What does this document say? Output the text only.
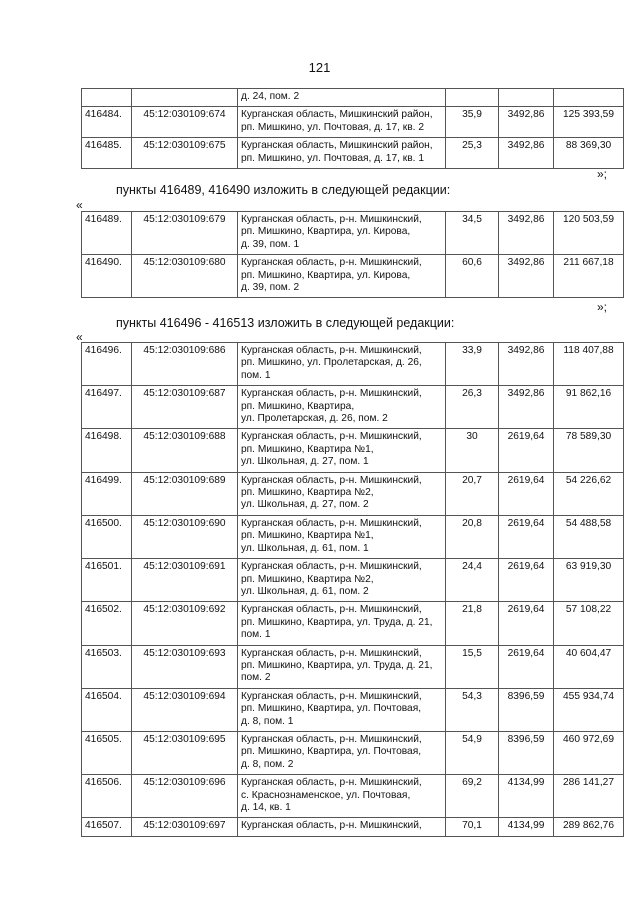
121

		д. 24, пом. 2			

416484.	45:12:030109:674	Курганская область, Мишкинский район,
рп. Мишкино, ул. Почтовая, д. 17, кв. 2	35,9	3492,86	125 393,59
416485.	45:12:030109:675	Курганская область, Мишкинский район,
рп. Мишкино, ул. Почтовая, д. 17, кв. 1	25,3	3492,86	88 369,30
»;
пункты 416489, 416490 изложить в следующей редакции:
«
416489.	45:12:030109:679	Курганская область, р-н. Мишкинский,
рп. Мишкино, Квартира, ул. Кирова,
д. 39, пом. 1	34,5	3492,86	120 503,59
416490.	45:12:030109:680	Курганская область, р-н. Мишкинский,
рп. Мишкино, Квартира, ул. Кирова,
д. 39, пом. 2	60,6	3492,86	211 667,18
»;
пункты 416496 - 416513 изложить в следующей редакции:
«
416496.	45:12:030109:686	Курганская область, р-н. Мишкинский,
рп. Мишкино, ул. Пролетарская, д. 26,
пом. 1	33,9	3492,86	118 407,88
416497.	45:12:030109:687	Курганская область, р-н. Мишкинский,
рп. Мишкино, Квартира,
ул. Пролетарская, д. 26, пом. 2	26,3	3492,86	91 862,16
416498.	45:12:030109:688	Курганская область, р-н. Мишкинский,
рп. Мишкино, Квартира №1,
ул. Школьная, д. 27, пом. 1	30	2619,64	78 589,30
416499.	45:12:030109:689	Курганская область, р-н. Мишкинский,
рп. Мишкино, Квартира №2,
ул. Школьная, д. 27, пом. 2	20,7	2619,64	54 226,62
416500.	45:12:030109:690	Курганская область, р-н. Мишкинский,
рп. Мишкино, Квартира №1,
ул. Школьная, д. 61, пом. 1	20,8	2619,64	54 488,58
416501.	45:12:030109:691	Курганская область, р-н. Мишкинский,
рп. Мишкино, Квартира №2,
ул. Школьная, д. 61, пом. 2	24,4	2619,64	63 919,30
416502.	45:12:030109:692	Курганская область, р-н. Мишкинский,
рп. Мишкино, Квартира, ул. Труда, д. 21,
пом. 1	21,8	2619,64	57 108,22
416503.	45:12:030109:693	Курганская область, р-н. Мишкинский,
рп. Мишкино, Квартира, ул. Труда, д. 21,
пом. 2	15,5	2619,64	40 604,47
416504.	45:12:030109:694	Курганская область, р-н. Мишкинский,
рп. Мишкино, Квартира, ул. Почтовая,
д. 8, пом. 1	54,3	8396,59	455 934,74
416505.	45:12:030109:695	Курганская область, р-н. Мишкинский,
рп. Мишкино, Квартира, ул. Почтовая,
д. 8, пом. 2	54,9	8396,59	460 972,69
416506.	45:12:030109:696	Курганская область, р-н. Мишкинский,
с. Краснознаменское, ул. Почтовая,
д. 14, кв. 1	69,2	4134,99	286 141,27
416507.	45:12:030109:697	Курганская область, р-н. Мишкинский,	70,1	4134,99	289 862,76
